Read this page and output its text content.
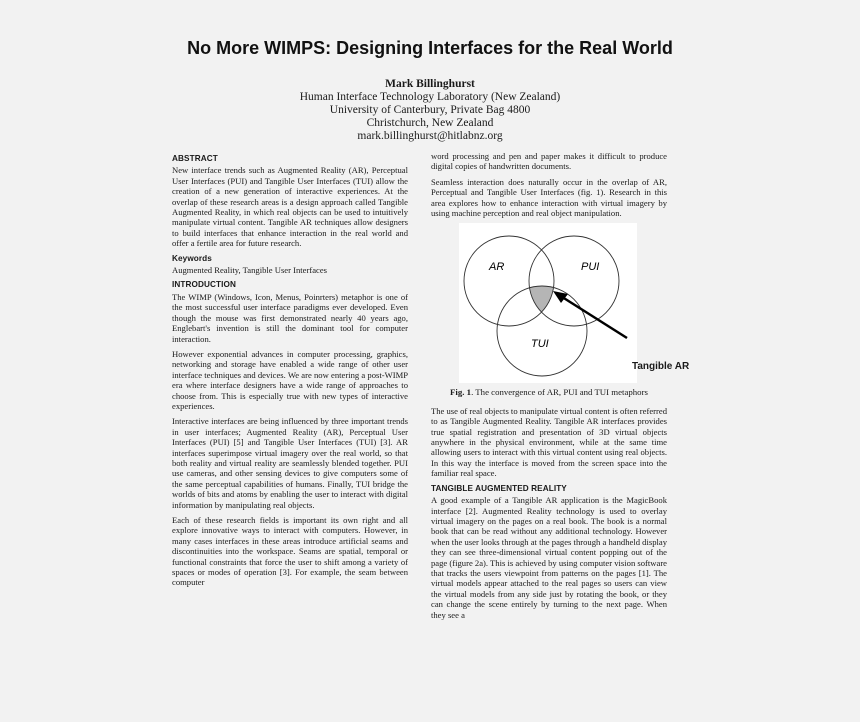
No More WIMPS: Designing Interfaces for the Real World
Mark Billinghurst
Human Interface Technology Laboratory (New Zealand)
University of Canterbury, Private Bag 4800
Christchurch, New Zealand
mark.billinghurst@hitlabnz.org
ABSTRACT

New interface trends such as Augmented Reality (AR), Perceptual User Interfaces (PUI) and Tangible User Interfaces (TUI) allow the creation of a new generation of interactive experiences. At the overlap of these research areas is a design approach called Tangible Augmented Reality, in which real objects can be used to intuitively manipulate virtual content. Tangible AR techniques allow designers to build interfaces that enhance interaction in the real world and offer a fertile area for future research.

Keywords

Augmented Reality, Tangible User Interfaces

INTRODUCTION

The WIMP (Windows, Icon, Menus, Poinrters) metaphor is one of the most successful user interface paradigms ever developed. Even though the mouse was first demonstrated nearly 40 years ago, Englebart's invention is still the dominant tool for computer interaction.

However exponential advances in computer processing, graphics, networking and storage have enabled a wide range of other user interface techniques and devices. We are now entering a post-WIMP era where interface designers have a wide range of approaches to choose from. This is especially true with new types of interactive experiences.

Interactive interfaces are being influenced by three important trends in user interfaces; Augmented Reality (AR), Perceptual User Interfaces (PUI) [5] and Tangible User Interfaces (TUI) [3]. AR interfaces superimpose virtual imagery over the real world, so that both reality and virtual reality are seamlessly blended together. PUI use cameras, and other sensing devices to give computers some of the same perceptual capabilities of humans. Finally, TUI bridge the worlds of bits and atoms by enabling the user to interact with digital information by manipulating real objects.

Each of these research fields is important its own right and all explore innovative ways to interact with computers. However, in many cases interfaces in these areas introduce artificial seams and discontinuities into the workspace. Seams are spatial, temporal or functional constraints that force the user to shift among a variety of spaces or modes of operation [3]. For example, the seam between computer

word processing and pen and paper makes it difficult to produce digital copies of handwritten documents.

Seamless interaction does naturally occur in the overlap of AR, Perceptual and Tangible User Interfaces (fig. 1). Research in this area explores how to enhance interaction with virtual imagery by using machine perception and real object manipulation.

AR	PUI
TUI
Fig. 1. The convergence of AR, PUI and TUI metaphors

The use of real objects to manipulate virtual content is often referred to as Tangible Augmented Reality. Tangible AR interfaces provides true spatial registration and presentation of 3D virtual objects anywhere in the physical environment, while at the same time allowing users to interact with this virtual content using real objects. In this way the interface is moved from the screen space into the familiar real space.

TANGIBLE AUGMENTED REALITY

A good example of a Tangible AR application is the MagicBook interface [2]. Augmented Reality technology is used to overlay virtual imagery on the pages on a real book. The book is a normal book that can be read without any additional technology. However when the user looks through at the pages through a handheld display they can see three-dimensional virtual content popping out of the page (figure 2a). This is achieved by using computer vision software that tracks the users viewpoint from patterns on the pages [1]. The virtual models appear attached to the real pages so users can view the virtual models from any side just by rotating the book, or they can change the scene entirely by turning to the next page. When they see a

Tangible AR
